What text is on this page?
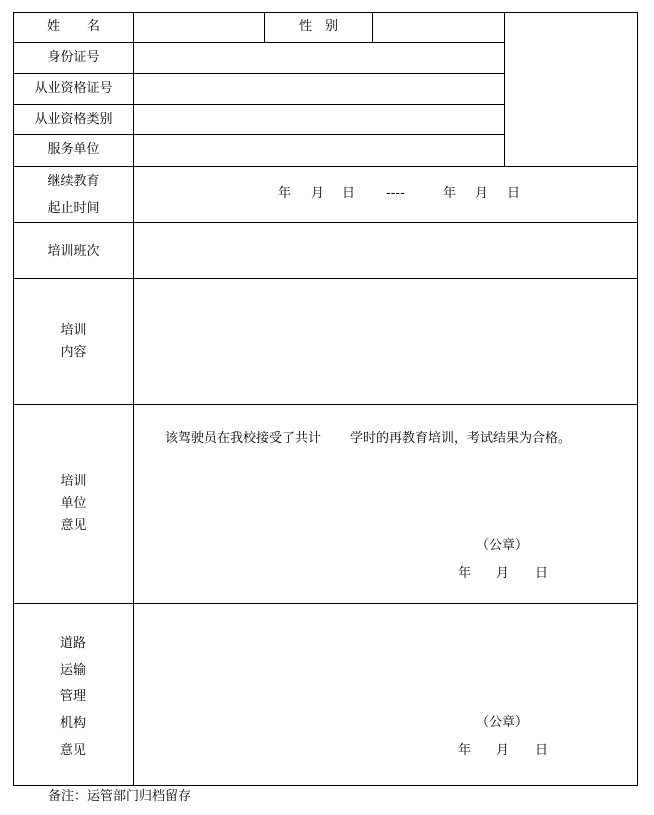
姓 名	性　别
身份证号
从业资格证号
从业资格类别
服务单位
继续教育
起止时间
年 月 日 ----	年 月 日
培训班次
培训
内容
培训
单位
意见
该驾驶员在我校接受了共计 学时的再教育培训，考试结果为合格。
（公章）
年 月 日
道路
运输
管理
机构
意见
（公章）
年 月 日
备注：运管部门归档留存
